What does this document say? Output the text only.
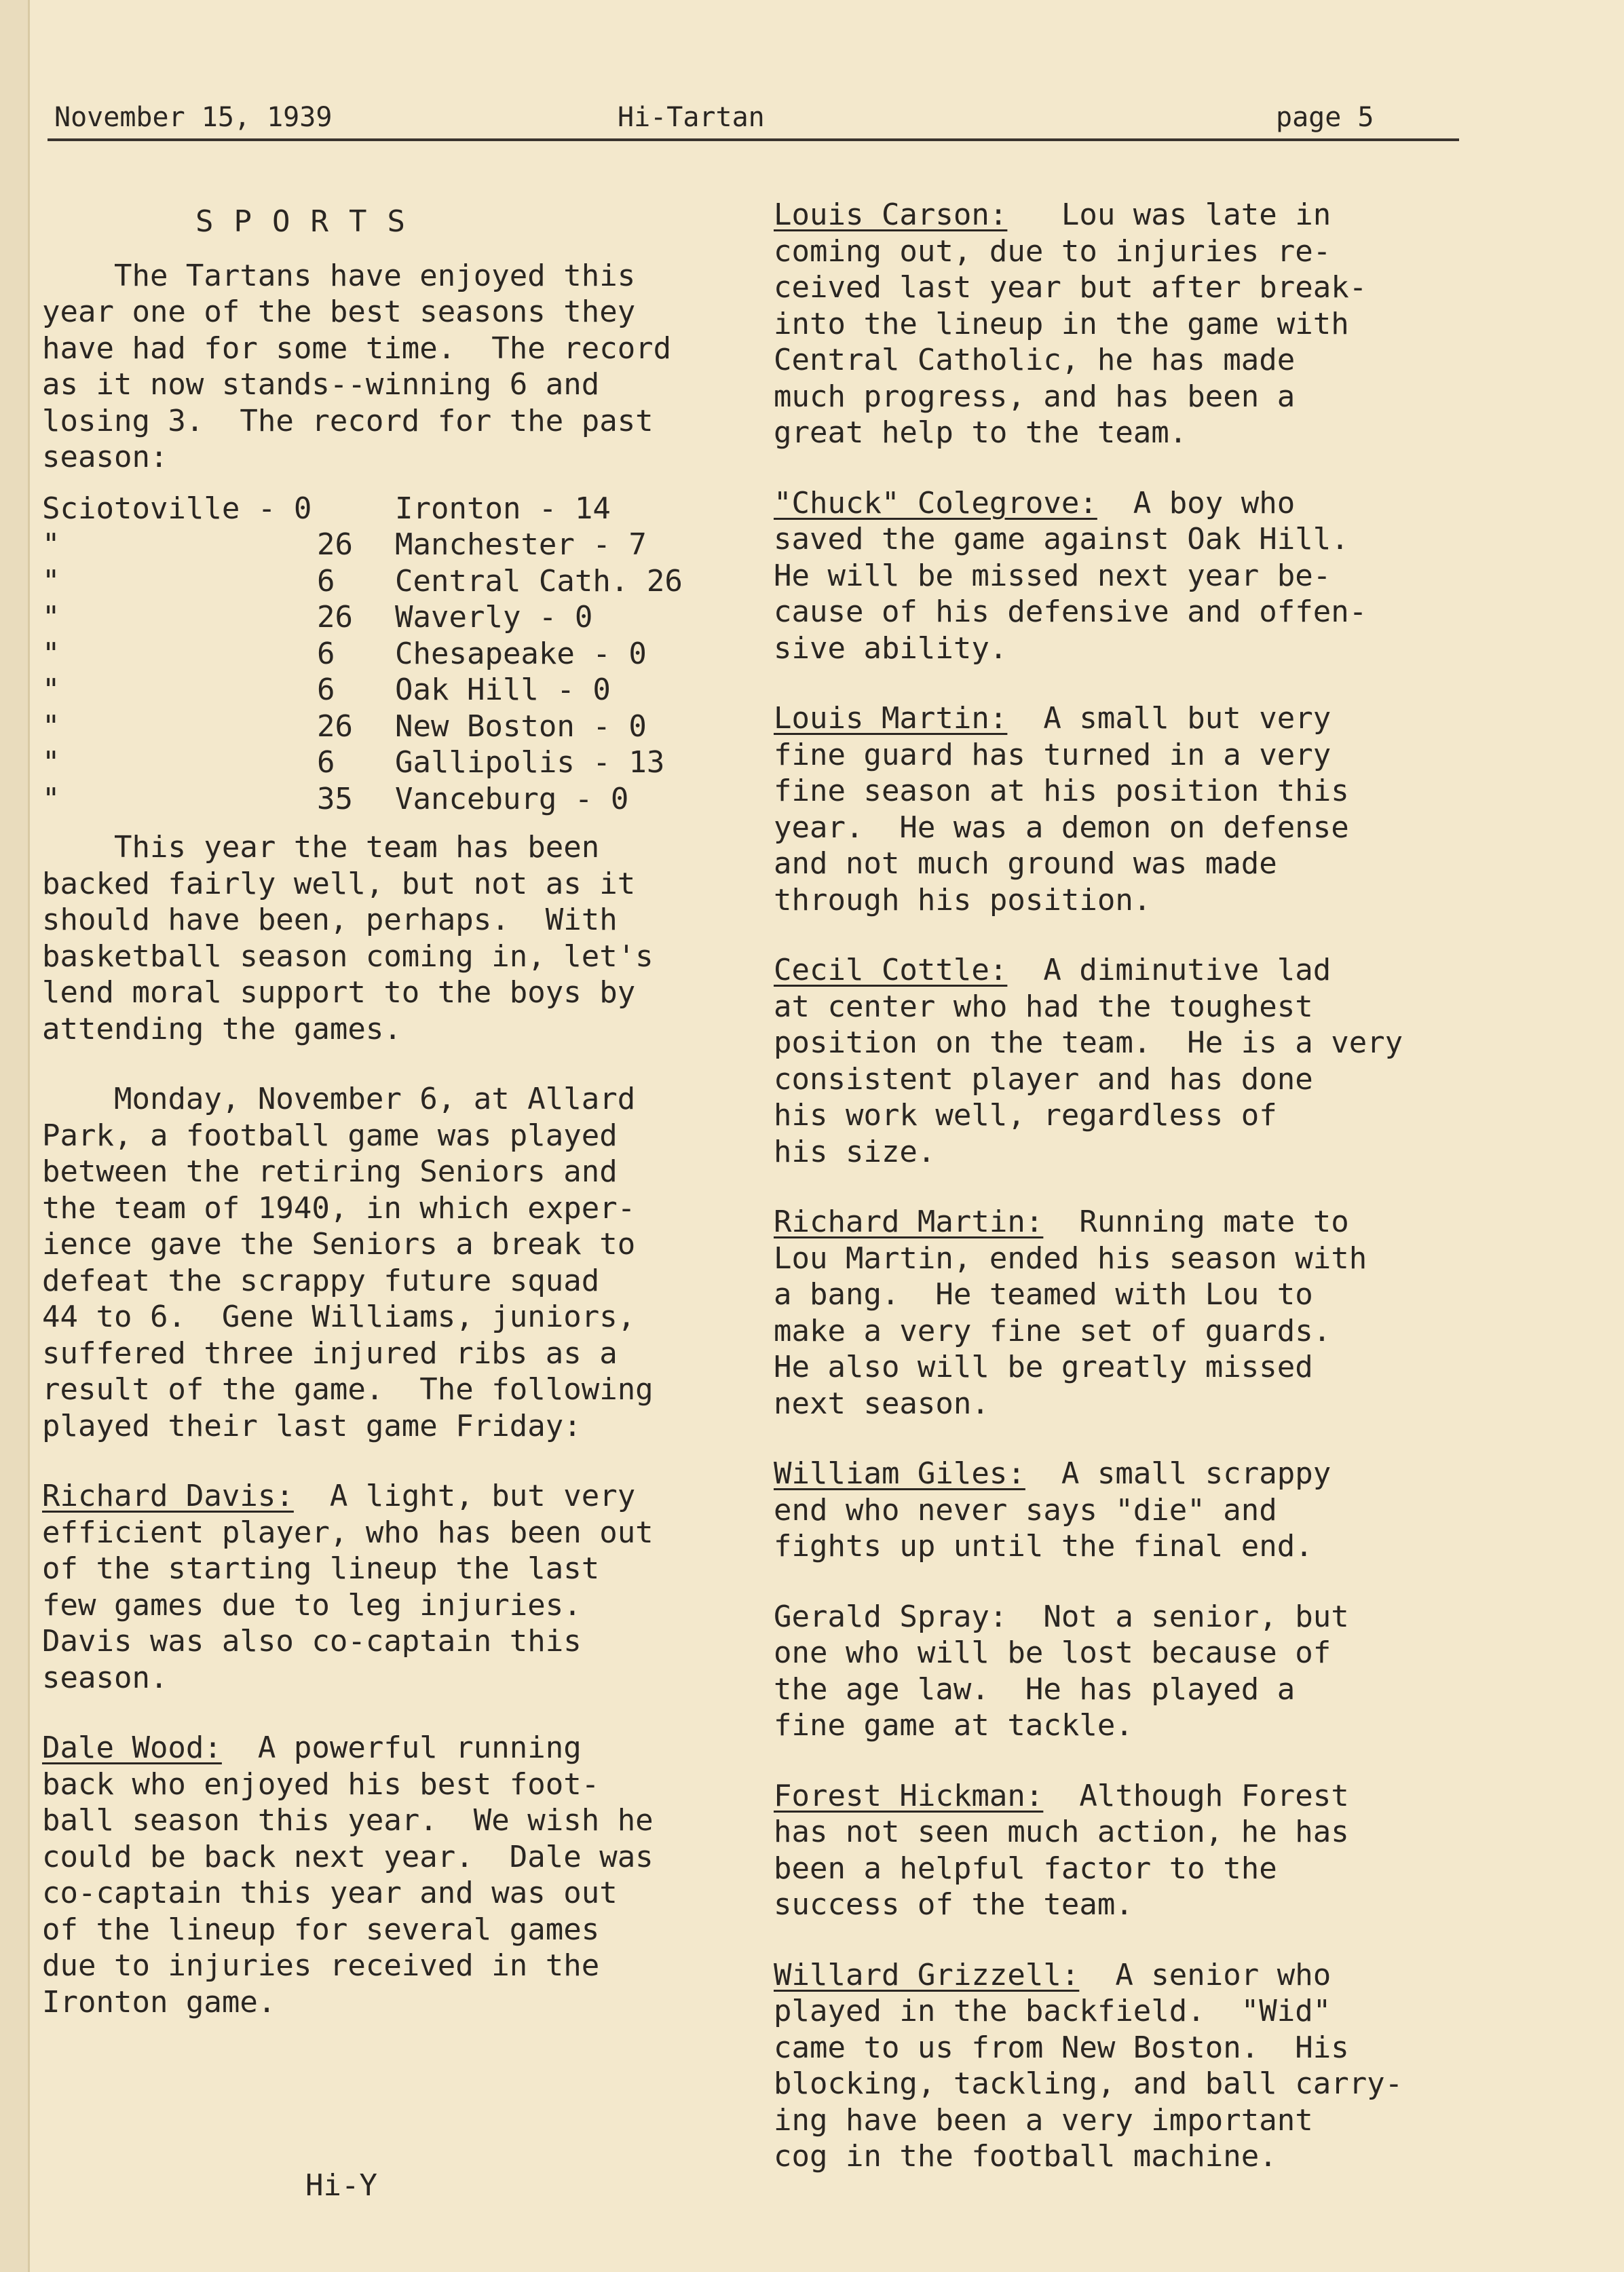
November 15, 1939	Hi-Tartan	page 5

SPORTS

The Tartans have enjoyed this

year one of the best seasons they

have had for some time.  The record

as it now stands--winning 6 and

losing 3.  The record for the past

season:

Sciotoville - 0		Ironton - 14
"	26	Manchester - 7
"	6	Central Cath. 26
"	26	Waverly - 0
"	6	Chesapeake - 0
"	6	Oak Hill - 0
"	26	New Boston - 0
"	6	Gallipolis - 13
"	35	Vanceburg - 0

This year the team has been

backed fairly well, but not as it

should have been, perhaps.  With

basketball season coming in, let's

lend moral support to the boys by

attending the games.

Monday, November 6, at Allard

Park, a football game was played

between the retiring Seniors and

the team of 1940, in which exper-

ience gave the Seniors a break to

defeat the scrappy future squad

44 to 6.  Gene Williams, juniors,

suffered three injured ribs as a

result of the game.  The following

played their last game Friday:

Richard Davis:  A light, but very

efficient player, who has been out

of the starting lineup the last

few games due to leg injuries.

Davis was also co-captain this

season.

Dale Wood:  A powerful running

back who enjoyed his best foot-

ball season this year.  We wish he

could be back next year.  Dale was

co-captain this year and was out

of the lineup for several games

due to injuries received in the

Ironton game.

Louis Carson:   Lou was late in

coming out, due to injuries re-

ceived last year but after break-

into the lineup in the game with

Central Catholic, he has made

much progress, and has been a

great help to the team.

"Chuck" Colegrove:  A boy who

saved the game against Oak Hill.

He will be missed next year be-

cause of his defensive and offen-

sive ability.

Louis Martin:  A small but very

fine guard has turned in a very

fine season at his position this

year.  He was a demon on defense

and not much ground was made

through his position.

Cecil Cottle:  A diminutive lad

at center who had the toughest

position on the team.  He is a very

consistent player and has done

his work well, regardless of

his size.

Richard Martin:  Running mate to

Lou Martin, ended his season with

a bang.  He teamed with Lou to

make a very fine set of guards.

He also will be greatly missed

next season.

William Giles:  A small scrappy

end who never says "die" and

fights up until the final end.

Gerald Spray:  Not a senior, but

one who will be lost because of

the age law.  He has played a

fine game at tackle.

Forest Hickman:  Although Forest

has not seen much action, he has

been a helpful factor to the

success of the team.

Willard Grizzell:  A senior who

played in the backfield.  "Wid"

came to us from New Boston.  His

blocking, tackling, and ball carry-

ing have been a very important

cog in the football machine.

Hi-Y
